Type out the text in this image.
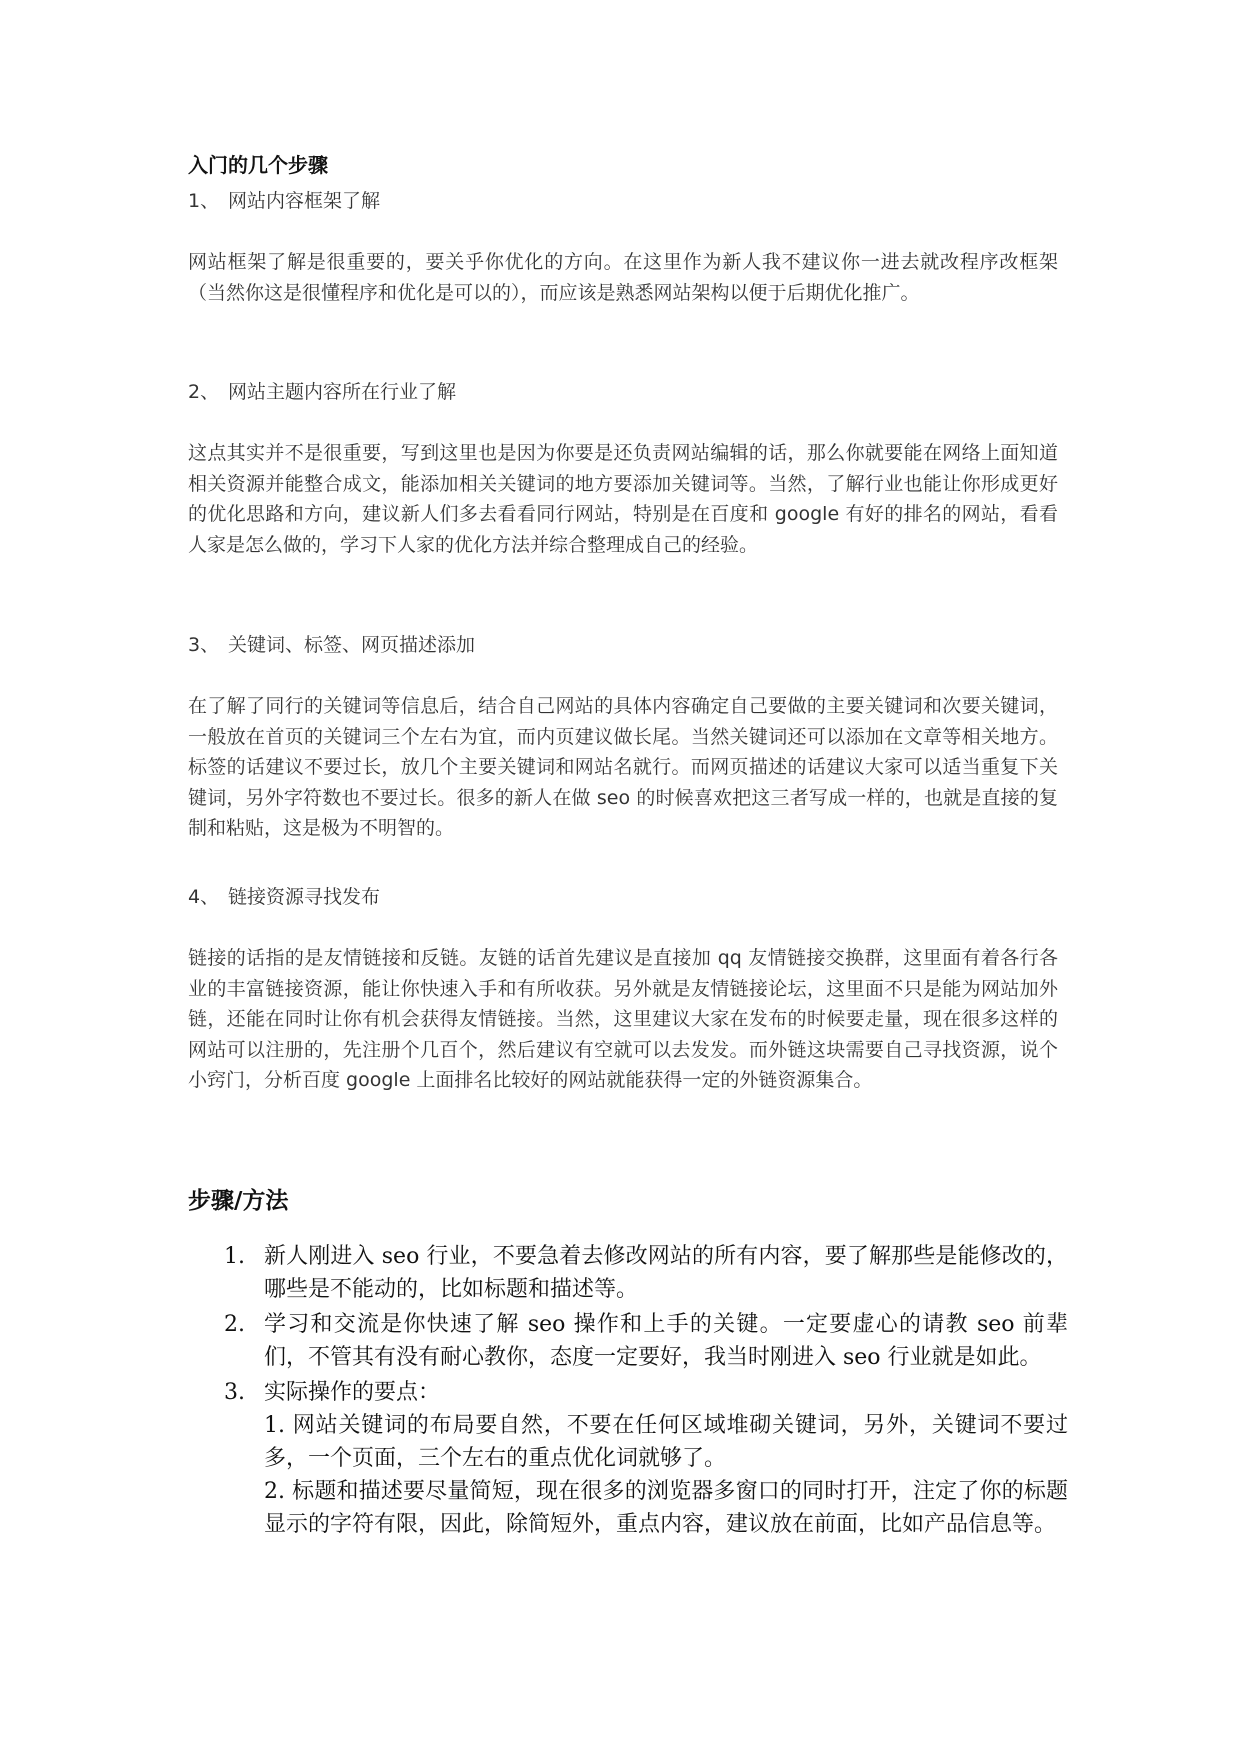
入门的几个步骤
1、 网站内容框架了解
网站框架了解是很重要的，要关乎你优化的方向。在这里作为新人我不建议你一进去就改程序改框架（当然你这是很懂程序和优化是可以的），而应该是熟悉网站架构以便于后期优化推广。
2、 网站主题内容所在行业了解
这点其实并不是很重要，写到这里也是因为你要是还负责网站编辑的话，那么你就要能在网络上面知道相关资源并能整合成文，能添加相关关键词的地方要添加关键词等。当然，了解行业也能让你形成更好的优化思路和方向，建议新人们多去看看同行网站，特别是在百度和 google 有好的排名的网站，看看人家是怎么做的，学习下人家的优化方法并综合整理成自己的经验。
3、 关键词、标签、网页描述添加
在了解了同行的关键词等信息后，结合自己网站的具体内容确定自己要做的主要关键词和次要关键词，一般放在首页的关键词三个左右为宜，而内页建议做长尾。当然关键词还可以添加在文章等相关地方。标签的话建议不要过长，放几个主要关键词和网站名就行。而网页描述的话建议大家可以适当重复下关键词，另外字符数也不要过长。很多的新人在做 seo 的时候喜欢把这三者写成一样的，也就是直接的复制和粘贴，这是极为不明智的。
4、 链接资源寻找发布
链接的话指的是友情链接和反链。友链的话首先建议是直接加 qq 友情链接交换群，这里面有着各行各业的丰富链接资源，能让你快速入手和有所收获。另外就是友情链接论坛，这里面不只是能为网站加外链，还能在同时让你有机会获得友情链接。当然，这里建议大家在发布的时候要走量，现在很多这样的网站可以注册的，先注册个几百个，然后建议有空就可以去发发。而外链这块需要自己寻找资源，说个小窍门，分析百度 google 上面排名比较好的网站就能获得一定的外链资源集合。
步骤/方法
1. 新人刚进入 seo 行业，不要急着去修改网站的所有内容，要了解那些是能修改的，哪些是不能动的，比如标题和描述等。
2. 学习和交流是你快速了解 seo 操作和上手的关键。一定要虚心的请教 seo 前辈们，不管其有没有耐心教你，态度一定要好，我当时刚进入 seo 行业就是如此。
3. 实际操作的要点：
1. 网站关键词的布局要自然，不要在任何区域堆砌关键词，另外，关键词不要过多，一个页面，三个左右的重点优化词就够了。
2. 标题和描述要尽量简短，现在很多的浏览器多窗口的同时打开，注定了你的标题显示的字符有限，因此，除简短外，重点内容，建议放在前面，比如产品信息等。
